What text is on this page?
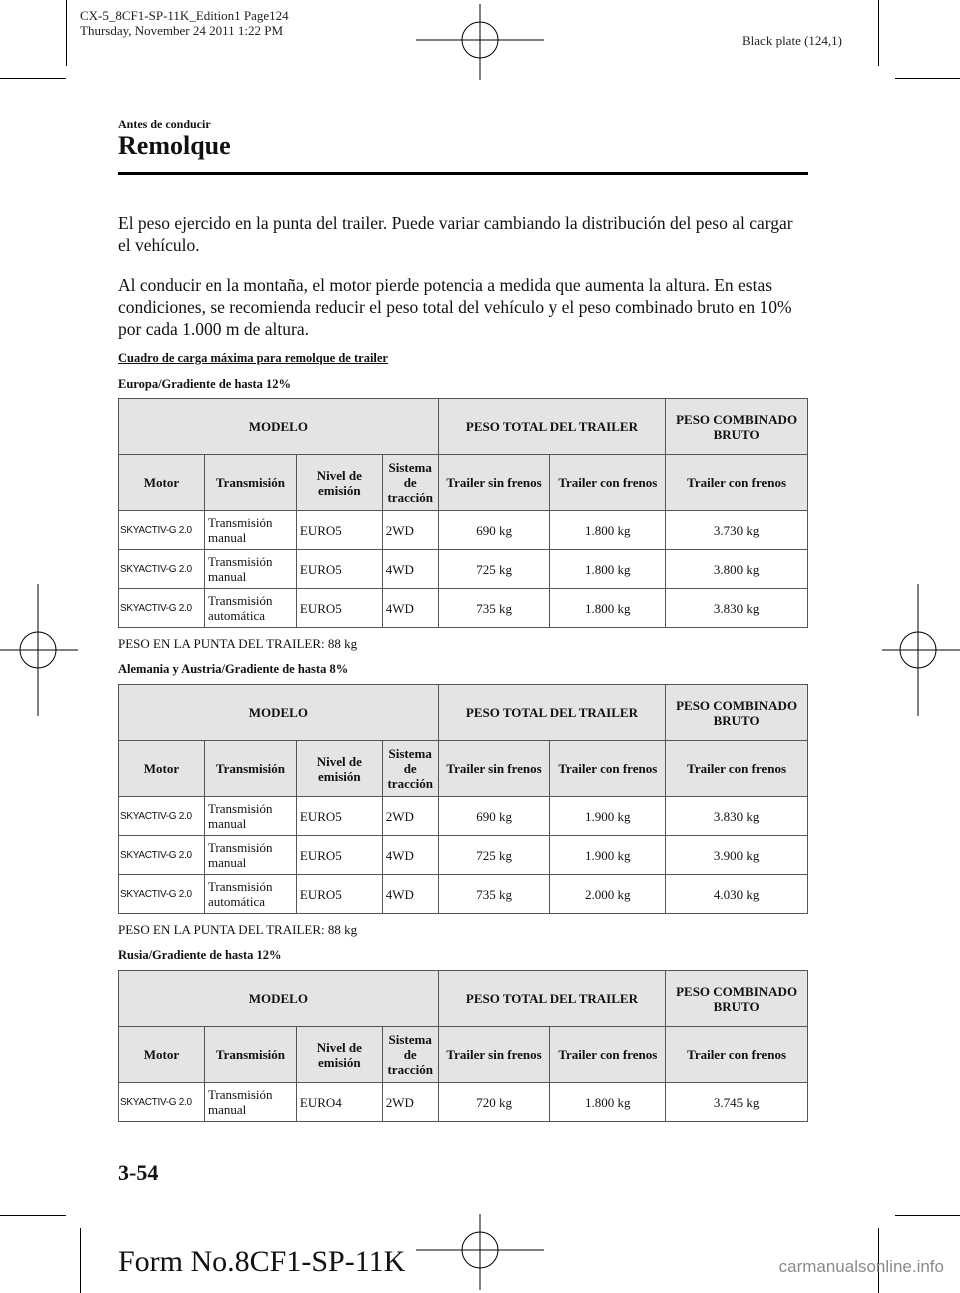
CX-5_8CF1-SP-11K_Edition1 Page124
Thursday, November 24 2011 1:22 PM
Black plate (124,1)
Antes de conducir
Remolque
El peso ejercido en la punta del trailer. Puede variar cambiando la distribución del peso al cargar el vehículo.
Al conducir en la montaña, el motor pierde potencia a medida que aumenta la altura. En estas condiciones, se recomienda reducir el peso total del vehículo y el peso combinado bruto en 10% por cada 1.000 m de altura.
Cuadro de carga máxima para remolque de trailer
Europa/Gradiente de hasta 12%
MODELO				PESO TOTAL DEL TRAILER		PESO COMBINADO BRUTO
Motor	Transmisión	Nivel de emisión	Sistema de tracción	Trailer sin frenos	Trailer con frenos	Trailer con frenos
SKYACTIV-G 2.0	Transmisión manual	EURO5	2WD	690 kg	1.800 kg	3.730 kg
SKYACTIV-G 2.0	Transmisión manual	EURO5	4WD	725 kg	1.800 kg	3.800 kg
SKYACTIV-G 2.0	Transmisión automática	EURO5	4WD	735 kg	1.800 kg	3.830 kg
PESO EN LA PUNTA DEL TRAILER: 88 kg
Alemania y Austria/Gradiente de hasta 8%
MODELO				PESO TOTAL DEL TRAILER		PESO COMBINADO BRUTO
Motor	Transmisión	Nivel de emisión	Sistema de tracción	Trailer sin frenos	Trailer con frenos	Trailer con frenos
SKYACTIV-G 2.0	Transmisión manual	EURO5	2WD	690 kg	1.900 kg	3.830 kg
SKYACTIV-G 2.0	Transmisión manual	EURO5	4WD	725 kg	1.900 kg	3.900 kg
SKYACTIV-G 2.0	Transmisión automática	EURO5	4WD	735 kg	2.000 kg	4.030 kg
PESO EN LA PUNTA DEL TRAILER: 88 kg
Rusia/Gradiente de hasta 12%
MODELO				PESO TOTAL DEL TRAILER		PESO COMBINADO BRUTO
Motor	Transmisión	Nivel de emisión	Sistema de tracción	Trailer sin frenos	Trailer con frenos	Trailer con frenos
SKYACTIV-G 2.0	Transmisión manual	EURO4	2WD	720 kg	1.800 kg	3.745 kg
3-54
Form No.8CF1-SP-11K	carmanualsonline.info
